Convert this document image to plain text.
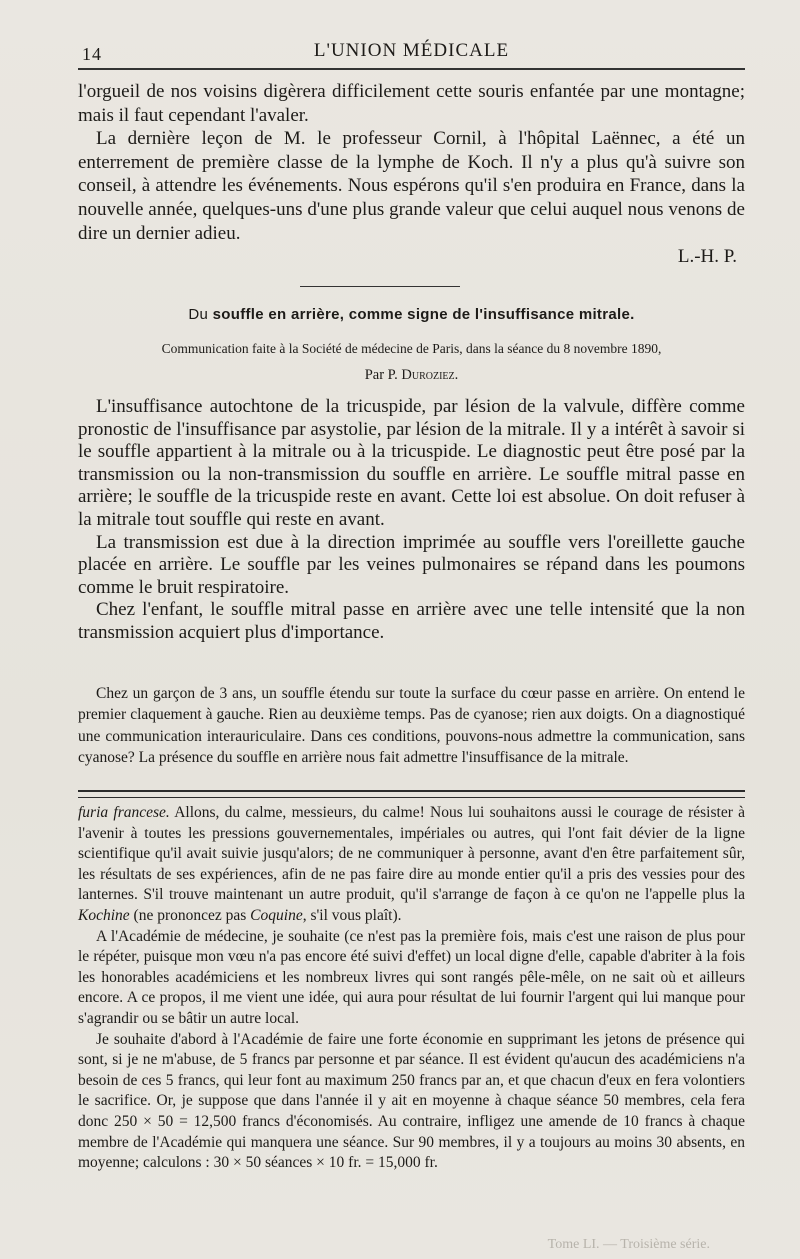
14	L'UNION MÉDICALE

l'orgueil de nos voisins digèrera difficilement cette souris enfantée par une montagne; mais il faut cependant l'avaler.

La dernière leçon de M. le professeur Cornil, à l'hôpital Laënnec, a été un enterrement de première classe de la lymphe de Koch. Il n'y a plus qu'à suivre son conseil, à attendre les événements. Nous espérons qu'il s'en produira en France, dans la nouvelle année, quelques-uns d'une plus grande valeur que celui auquel nous venons de dire un dernier adieu.

L.-H. P.
Du souffle en arrière, comme signe de l'insuffisance mitrale.
Communication faite à la Société de médecine de Paris, dans la séance du 8 novembre 1890,
Par P. Duroziez.

L'insuffisance autochtone de la tricuspide, par lésion de la valvule, diffère comme pronostic de l'insuffisance par asystolie, par lésion de la mitrale. Il y a intérêt à savoir si le souffle appartient à la mitrale ou à la tricuspide. Le diagnostic peut être posé par la transmission ou la non-transmission du souffle en arrière. Le souffle mitral passe en arrière; le souffle de la tricuspide reste en avant. Cette loi est absolue. On doit refuser à la mitrale tout souffle qui reste en avant.

La transmission est due à la direction imprimée au souffle vers l'oreillette gauche placée en arrière. Le souffle par les veines pulmonaires se répand dans les poumons comme le bruit respiratoire.

Chez l'enfant, le souffle mitral passe en arrière avec une telle intensité que la non transmission acquiert plus d'importance.

Chez un garçon de 3 ans, un souffle étendu sur toute la surface du cœur passe en arrière. On entend le premier claquement à gauche. Rien au deuxième temps. Pas de cyanose; rien aux doigts. On a diagnostiqué une communication interauriculaire. Dans ces conditions, pouvons-nous admettre la communication, sans cyanose? La présence du souffle en arrière nous fait admettre l'insuffisance de la mitrale.

furia francese. Allons, du calme, messieurs, du calme! Nous lui souhaitons aussi le courage de résister à l'avenir à toutes les pressions gouvernementales, impériales ou autres, qui l'ont fait dévier de la ligne scientifique qu'il avait suivie jusqu'alors; de ne communiquer à personne, avant d'en être parfaitement sûr, les résultats de ses expériences, afin de ne pas faire dire au monde entier qu'il a pris des vessies pour des lanternes. S'il trouve maintenant un autre produit, qu'il s'arrange de façon à ce qu'on ne l'appelle plus la Kochine (ne prononcez pas Coquine, s'il vous plaît).

A l'Académie de médecine, je souhaite (ce n'est pas la première fois, mais c'est une raison de plus pour le répéter, puisque mon vœu n'a pas encore été suivi d'effet) un local digne d'elle, capable d'abriter à la fois les honorables académiciens et les nombreux livres qui sont rangés pêle-mêle, on ne sait où et ailleurs encore. A ce propos, il me vient une idée, qui aura pour résultat de lui fournir l'argent qui lui manque pour s'agrandir ou se bâtir un autre local.

Je souhaite d'abord à l'Académie de faire une forte économie en supprimant les jetons de présence qui sont, si je ne m'abuse, de 5 francs par personne et par séance. Il est évident qu'aucun des académiciens n'a besoin de ces 5 francs, qui leur font au maximum 250 francs par an, et que chacun d'eux en fera volontiers le sacrifice. Or, je suppose que dans l'année il y ait en moyenne à chaque séance 50 membres, cela fera donc 250 × 50 = 12,500 francs d'économisés. Au contraire, infligez une amende de 10 francs à chaque membre de l'Académie qui manquera une séance. Sur 90 membres, il y a toujours au moins 30 absents, en moyenne; calculons : 30 × 50 séances × 10 fr. = 15,000 fr.

Tome LI. — Troisième série.
